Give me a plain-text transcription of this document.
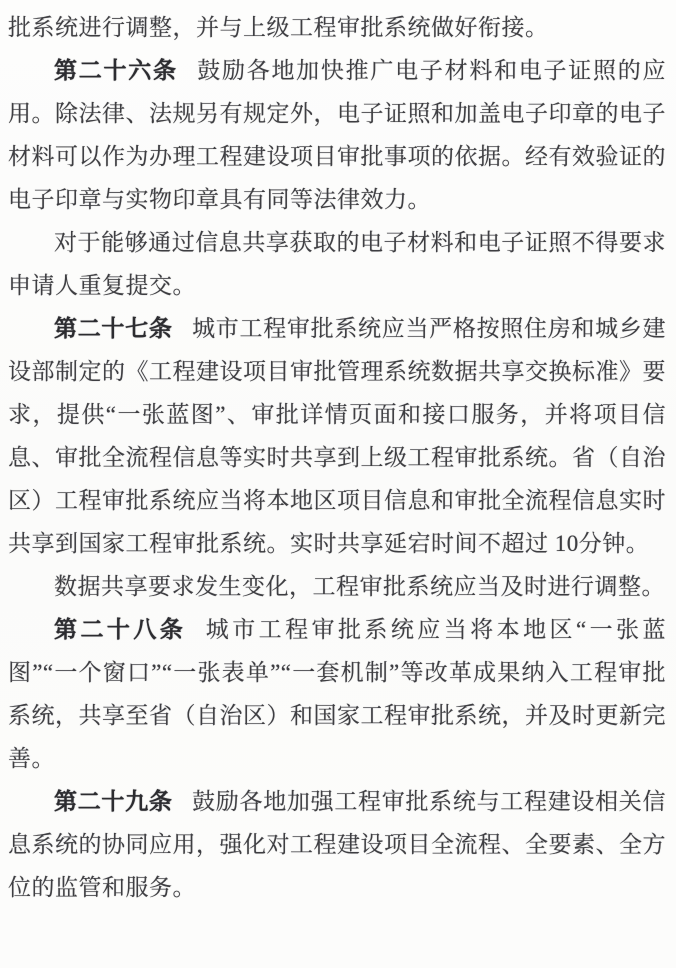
批系统进行调整，并与上级工程审批系统做好衔接。

第二十六条 鼓励各地加快推广电子材料和电子证照的应用。除法律、法规另有规定外，电子证照和加盖电子印章的电子材料可以作为办理工程建设项目审批事项的依据。经有效验证的电子印章与实物印章具有同等法律效力。

对于能够通过信息共享获取的电子材料和电子证照不得要求申请人重复提交。

第二十七条 城市工程审批系统应当严格按照住房和城乡建设部制定的《工程建设项目审批管理系统数据共享交换标准》要求，提供“一张蓝图”、审批详情页面和接口服务，并将项目信息、审批全流程信息等实时共享到上级工程审批系统。省（自治区）工程审批系统应当将本地区项目信息和审批全流程信息实时共享到国家工程审批系统。实时共享延宕时间不超过 10分钟。

数据共享要求发生变化，工程审批系统应当及时进行调整。

第二十八条 城市工程审批系统应当将本地区“一张蓝图”“一个窗口”“一张表单”“一套机制”等改革成果纳入工程审批系统，共享至省（自治区）和国家工程审批系统，并及时更新完善。

第二十九条 鼓励各地加强工程审批系统与工程建设相关信息系统的协同应用，强化对工程建设项目全流程、全要素、全方位的监管和服务。
